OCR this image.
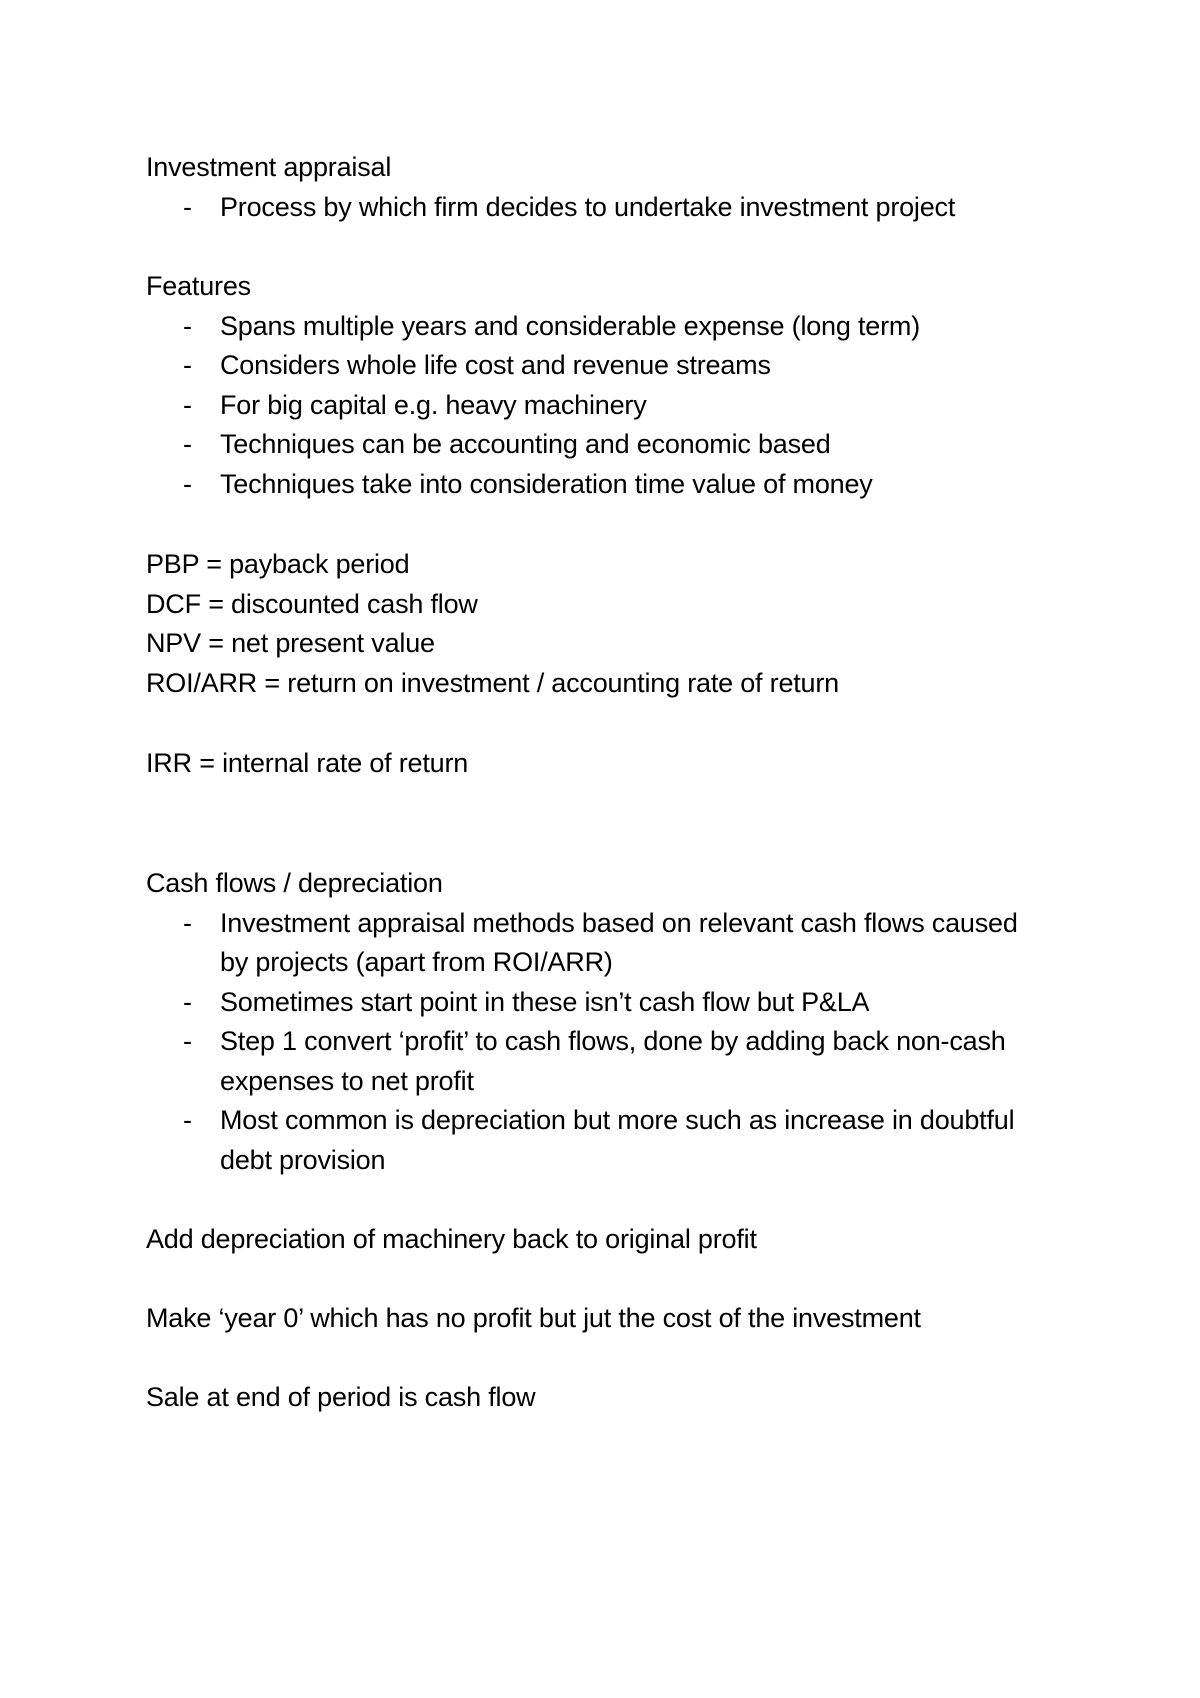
Investment appraisal

- Process by which firm decides to undertake investment project

Features

- Spans multiple years and considerable expense (long term)
- Considers whole life cost and revenue streams
- For big capital e.g. heavy machinery
- Techniques can be accounting and economic based
- Techniques take into consideration time value of money

PBP = payback period

DCF = discounted cash flow

NPV = net present value

ROI/ARR = return on investment / accounting rate of return

IRR = internal rate of return

Cash flows / depreciation

- Investment appraisal methods based on relevant cash flows caused by projects (apart from ROI/ARR)
- Sometimes start point in these isn’t cash flow but P&LA
- Step 1 convert ‘profit’ to cash flows, done by adding back non-cash expenses to net profit
- Most common is depreciation but more such as increase in doubtful debt provision

Add depreciation of machinery back to original profit

Make ‘year 0’ which has no profit but jut the cost of the investment

Sale at end of period is cash flow
